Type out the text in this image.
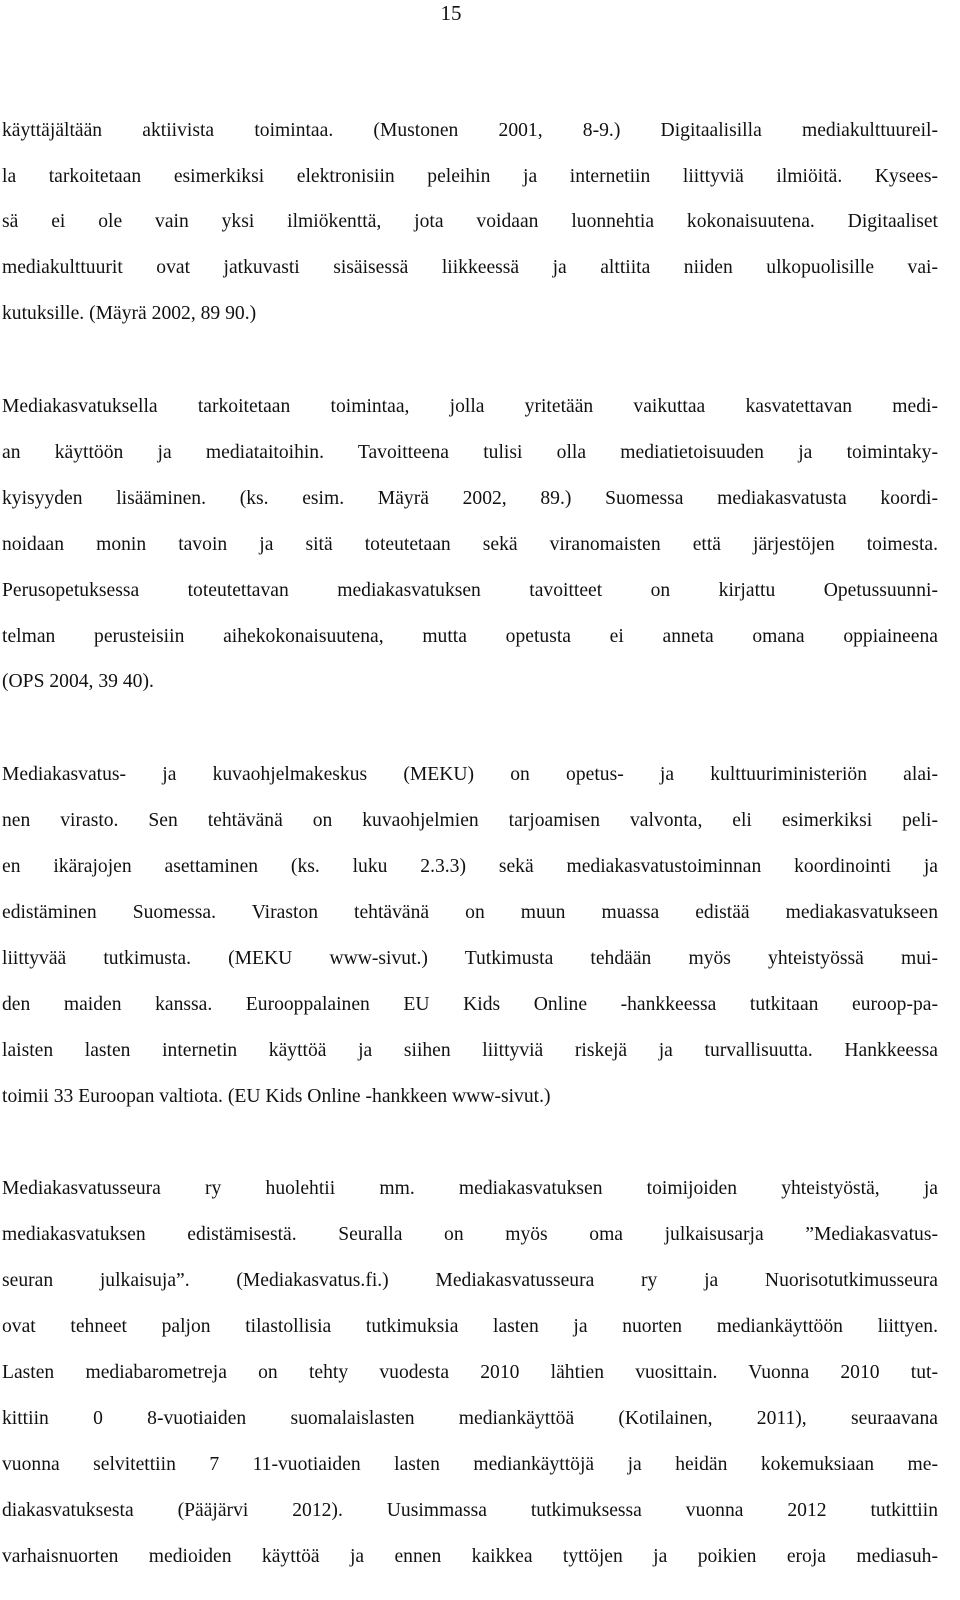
15

käyttäjältään aktiivista toimintaa. (Mustonen 2001, 8-9.) Digitaalisilla mediakulttuureil-

la tarkoitetaan esimerkiksi elektronisiin peleihin ja internetiin liittyviä ilmiöitä. Kysees-

sä ei ole vain yksi ilmiökenttä, jota voidaan luonnehtia kokonaisuutena. Digitaaliset

mediakulttuurit ovat jatkuvasti sisäisessä liikkeessä ja alttiita niiden ulkopuolisille vai-

kutuksille. (Mäyrä 2002, 89 90.)

Mediakasvatuksella tarkoitetaan toimintaa, jolla yritetään vaikuttaa kasvatettavan medi-

an käyttöön ja mediataitoihin. Tavoitteena tulisi olla mediatietoisuuden ja toimintaky-

kyisyyden lisääminen. (ks. esim. Mäyrä 2002, 89.) Suomessa mediakasvatusta koordi-

noidaan monin tavoin ja sitä toteutetaan sekä viranomaisten että järjestöjen toimesta.

Perusopetuksessa toteutettavan mediakasvatuksen tavoitteet on kirjattu Opetussuunni-

telman perusteisiin aihekokonaisuutena, mutta opetusta ei anneta omana oppiaineena

(OPS 2004, 39 40).

Mediakasvatus- ja kuvaohjelmakeskus (MEKU) on opetus- ja kulttuuriministeriön alai-

nen virasto. Sen tehtävänä on kuvaohjelmien tarjoamisen valvonta, eli esimerkiksi peli-

en ikärajojen asettaminen (ks. luku 2.3.3) sekä mediakasvatustoiminnan koordinointi ja

edistäminen Suomessa. Viraston tehtävänä on muun muassa edistää mediakasvatukseen

liittyvää tutkimusta. (MEKU www-sivut.) Tutkimusta tehdään myös yhteistyössä mui-

den maiden kanssa. Eurooppalainen EU Kids Online -hankkeessa tutkitaan euroop-pa-

laisten lasten internetin käyttöä ja siihen liittyviä riskejä ja turvallisuutta. Hankkeessa

toimii 33 Euroopan valtiota. (EU Kids Online -hankkeen www-sivut.)

Mediakasvatusseura ry huolehtii mm. mediakasvatuksen toimijoiden yhteistyöstä, ja

mediakasvatuksen edistämisestä. Seuralla on myös oma julkaisusarja ”Mediakasvatus-

seuran julkaisuja”. (Mediakasvatus.fi.) Mediakasvatusseura ry ja Nuorisotutkimusseura

ovat tehneet paljon tilastollisia tutkimuksia lasten ja nuorten mediankäyttöön liittyen.

Lasten mediabarometreja on tehty vuodesta 2010 lähtien vuosittain. Vuonna 2010 tut-

kittiin 0 8-vuotiaiden suomalaislasten mediankäyttöä (Kotilainen, 2011), seuraavana

vuonna selvitettiin 7 11-vuotiaiden lasten mediankäyttöjä ja heidän kokemuksiaan me-

diakasvatuksesta (Pääjärvi 2012). Uusimmassa tutkimuksessa vuonna 2012 tutkittiin

varhaisnuorten medioiden käyttöä ja ennen kaikkea tyttöjen ja poikien eroja mediasuh-
